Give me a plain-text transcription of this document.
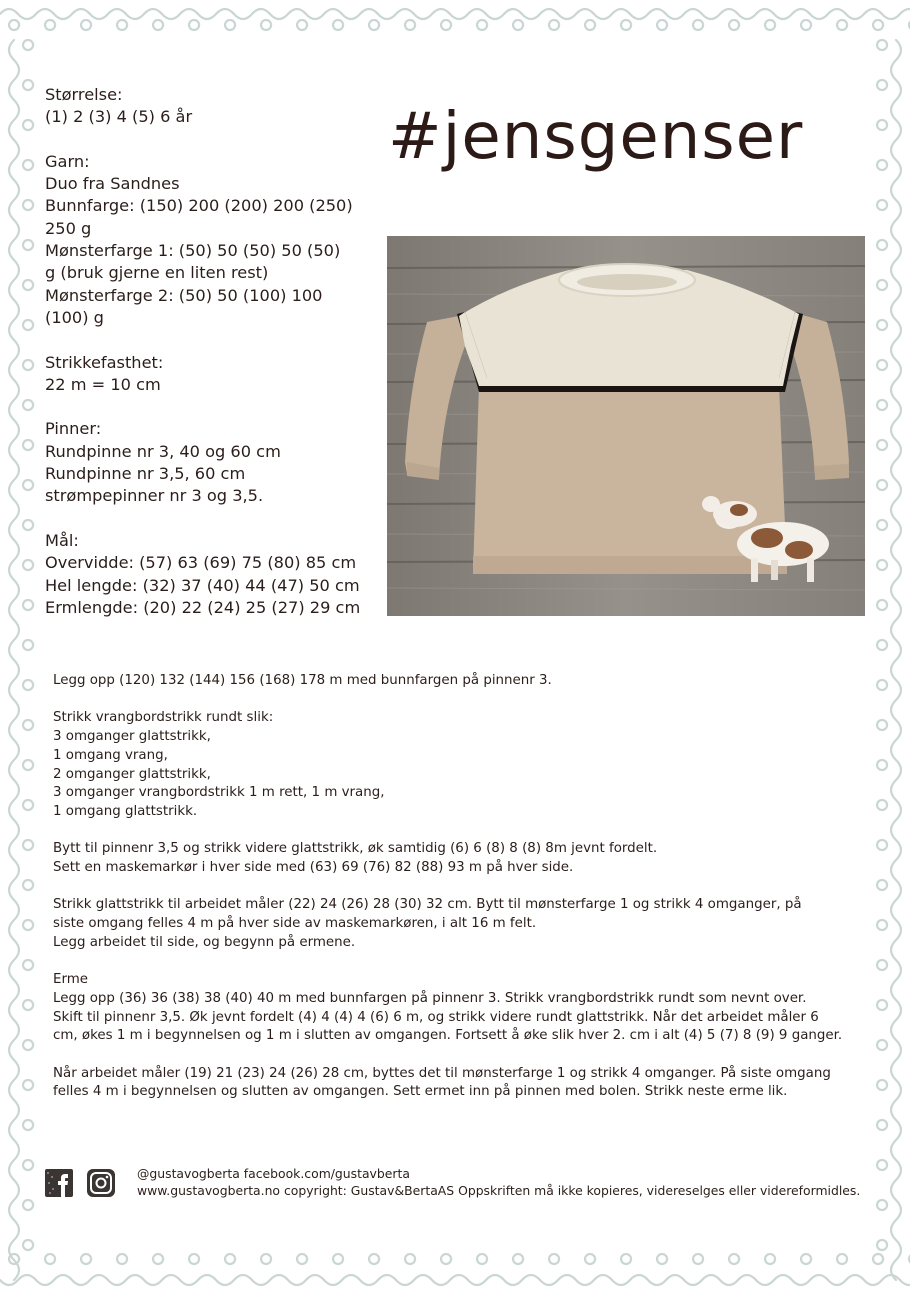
#jensgenser
Størrelse:
(1) 2 (3) 4 (5) 6 år
Garn:
Duo fra Sandnes
Bunnfarge: (150) 200 (200) 200 (250)
250 g
Mønsterfarge 1: (50) 50 (50) 50 (50)
g (bruk gjerne en liten rest)
Mønsterfarge 2: (50) 50 (100) 100
(100) g
Strikkefasthet:
22 m = 10 cm
Pinner:
Rundpinne nr 3, 40 og 60 cm
Rundpinne nr 3,5, 60 cm
strømpepinner nr 3 og 3,5.
Mål:
Overvidde: (57) 63 (69) 75 (80) 85 cm
Hel lengde: (32) 37 (40) 44 (47) 50 cm
Ermlengde: (20) 22 (24) 25 (27) 29 cm
Legg opp (120) 132 (144) 156 (168) 178 m med bunnfargen på pinnenr 3.
Strikk vrangbordstrikk rundt slik:
3 omganger glattstrikk,
1 omgang vrang,
2 omganger glattstrikk,
3 omganger vrangbordstrikk 1 m rett, 1 m vrang,
1 omgang glattstrikk.
Bytt til pinnenr 3,5 og strikk videre glattstrikk, øk samtidig (6) 6 (8) 8 (8) 8m jevnt fordelt.
Sett en maskemarkør i hver side med (63) 69 (76) 82 (88) 93 m på hver side.
Strikk glattstrikk til arbeidet måler (22) 24 (26) 28 (30) 32 cm. Bytt til mønsterfarge 1 og strikk 4 omganger, på
siste omgang felles 4 m på hver side av maskemarkøren, i alt 16 m felt.
Legg arbeidet til side, og begynn på ermene.
Erme
Legg opp (36) 36 (38) 38 (40) 40 m med bunnfargen på pinnenr 3. Strikk vrangbordstrikk rundt som nevnt over.
Skift til pinnenr 3,5. Øk jevnt fordelt (4) 4 (4) 4 (6) 6 m, og strikk videre rundt glattstrikk. Når det arbeidet måler 6
cm, økes 1 m i begynnelsen og 1 m i slutten av omgangen. Fortsett å øke slik hver 2. cm i alt (4) 5 (7) 8 (9) 9 ganger.
Når arbeidet måler (19) 21 (23) 24 (26) 28 cm, byttes det til mønsterfarge 1 og strikk 4 omganger. På siste omgang
felles 4 m i begynnelsen og slutten av omgangen. Sett ermet inn på pinnen med bolen. Strikk neste erme lik.
@gustavogberta facebook.com/gustavberta
www.gustavogberta.no copyright: Gustav&BertaAS Oppskriften må ikke kopieres, videreselges eller videreformidles.
